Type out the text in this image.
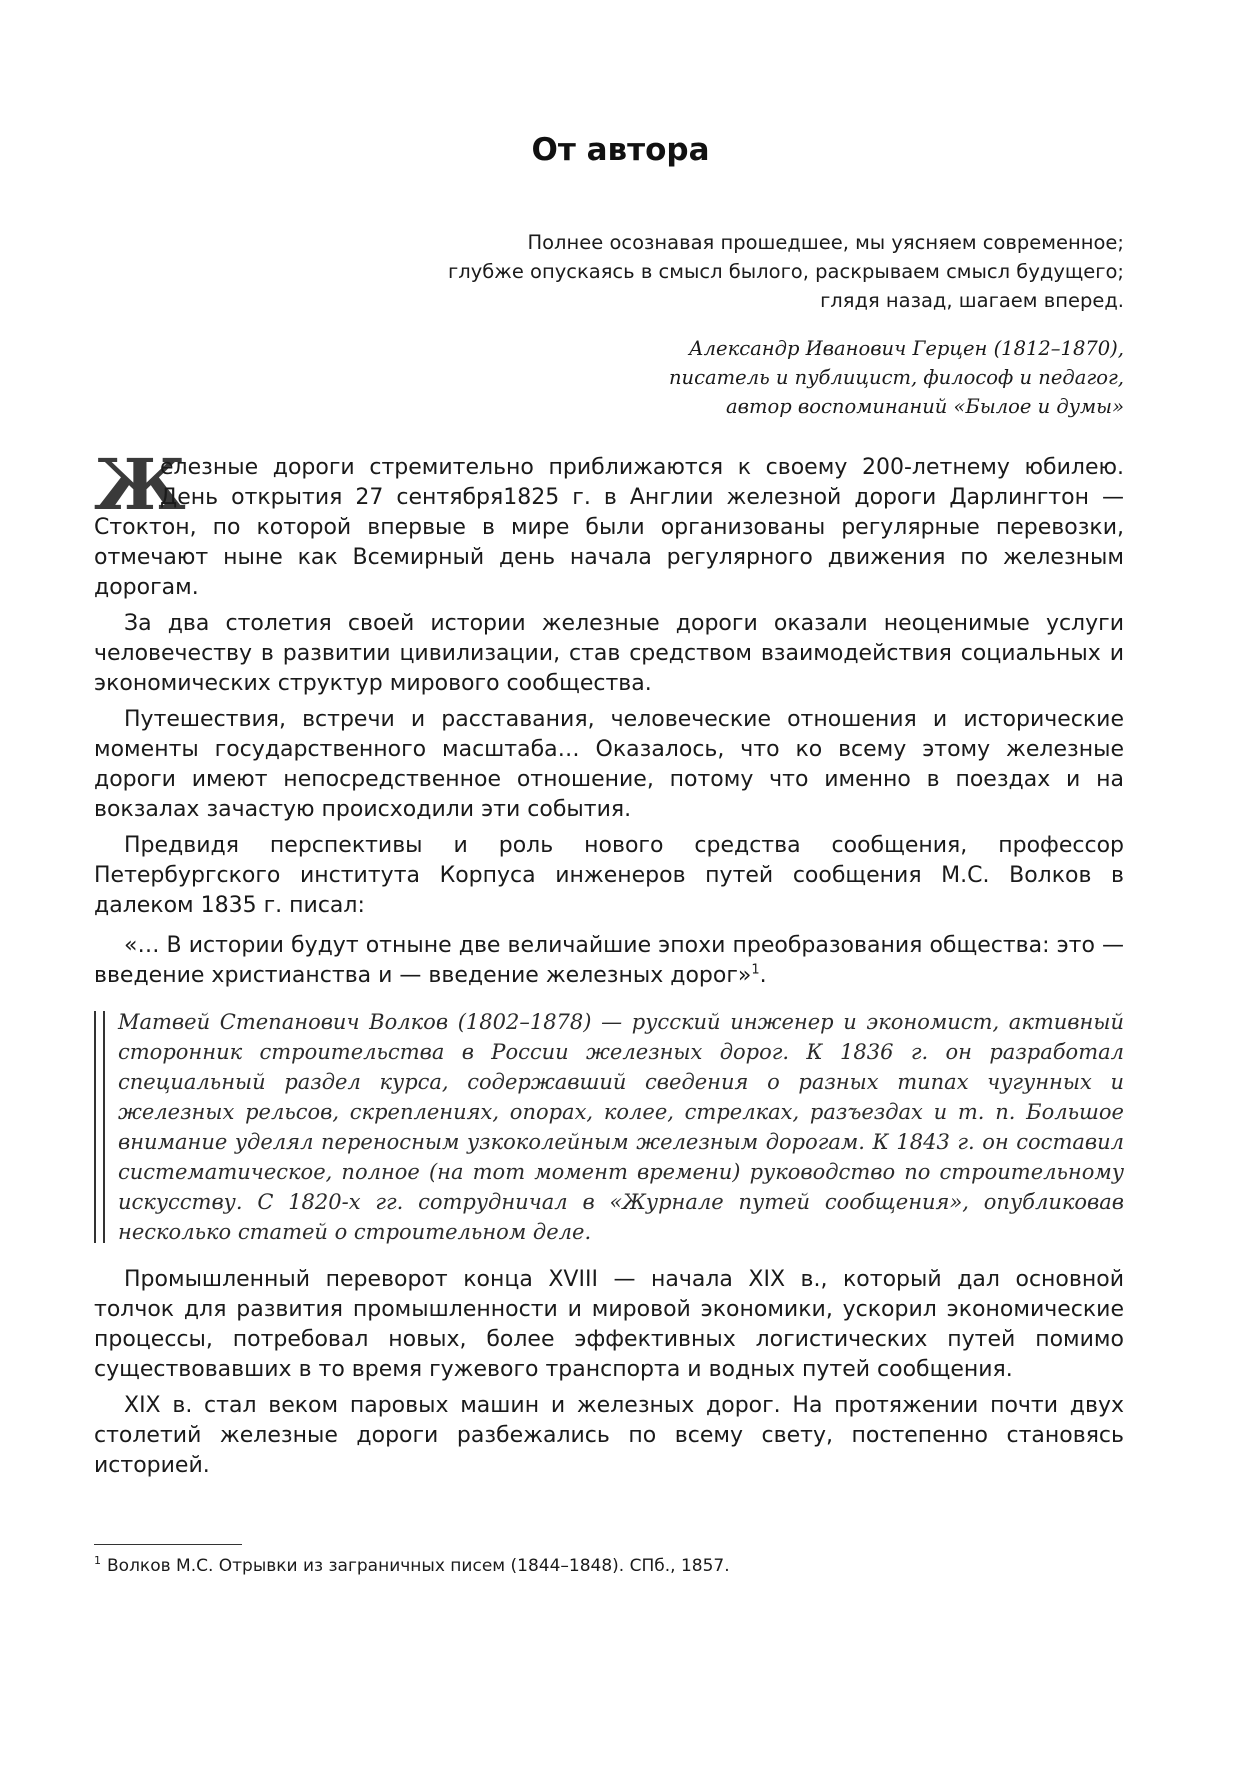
От автора
Полнее осознавая прошедшее, мы уясняем современное;
глубже опускаясь в смысл былого, раскрываем смысл будущего;
глядя назад, шагаем вперед.
Александр Иванович Герцен (1812–1870),
писатель и публицист, философ и педагог,
автор воспоминаний «Былое и думы»

Ж
елезные дороги стремительно приближаются к своему 200-летнему юбилею. День открытия 27 сентября1825 г. в Англии железной дороги Дарлингтон — Стоктон, по которой впервые в мире были организованы регулярные перевозки, отмечают ныне как Всемирный день начала регулярного движения по железным дорогам.

За два столетия своей истории железные дороги оказали неоценимые услуги человечеству в развитии цивилизации, став средством взаимодействия социальных и экономических структур мирового сообщества.

Путешествия, встречи и расставания, человеческие отношения и исторические моменты государственного масштаба… Оказалось, что ко всему этому железные дороги имеют непосредственное отношение, потому что именно в поездах и на вокзалах зачастую происходили эти события.

Предвидя перспективы и роль нового средства сообщения, профессор Петербургского института Корпуса инженеров путей сообщения М.С. Волков в далеком 1835 г. писал:

«… В истории будут отныне две величайшие эпохи преобразования общества: это — введение христианства и — введение железных дорог»$^1$.

Матвей Степанович Волков (1802–1878) — русский инженер и экономист, активный сторонник строительства в России железных дорог. К 1836 г. он разработал специальный раздел курса, содержавший сведения о разных типах чугунных и железных рельсов, скреплениях, опорах, колее, стрелках, разъездах и т. п. Большое внимание уделял переносным узкоколейным железным дорогам. К 1843 г. он составил систематическое, полное (на тот момент времени) руководство по строительному искусству. С 1820-х гг. сотрудничал в «Журнале путей сообщения», опубликовав несколько статей о строительном деле.

Промышленный переворот конца XVIII — начала XIX в., который дал основной толчок для развития промышленности и мировой экономики, ускорил экономические процессы, потребовал новых, более эффективных логистических путей помимо существовавших в то время гужевого транспорта и водных путей сообщения.

XIX в. стал веком паровых машин и железных дорог. На протяжении почти двух столетий железные дороги разбежались по всему свету, постепенно становясь историей.

$^1$ Волков М.С. Отрывки из заграничных писем (1844–1848). СПб., 1857.
